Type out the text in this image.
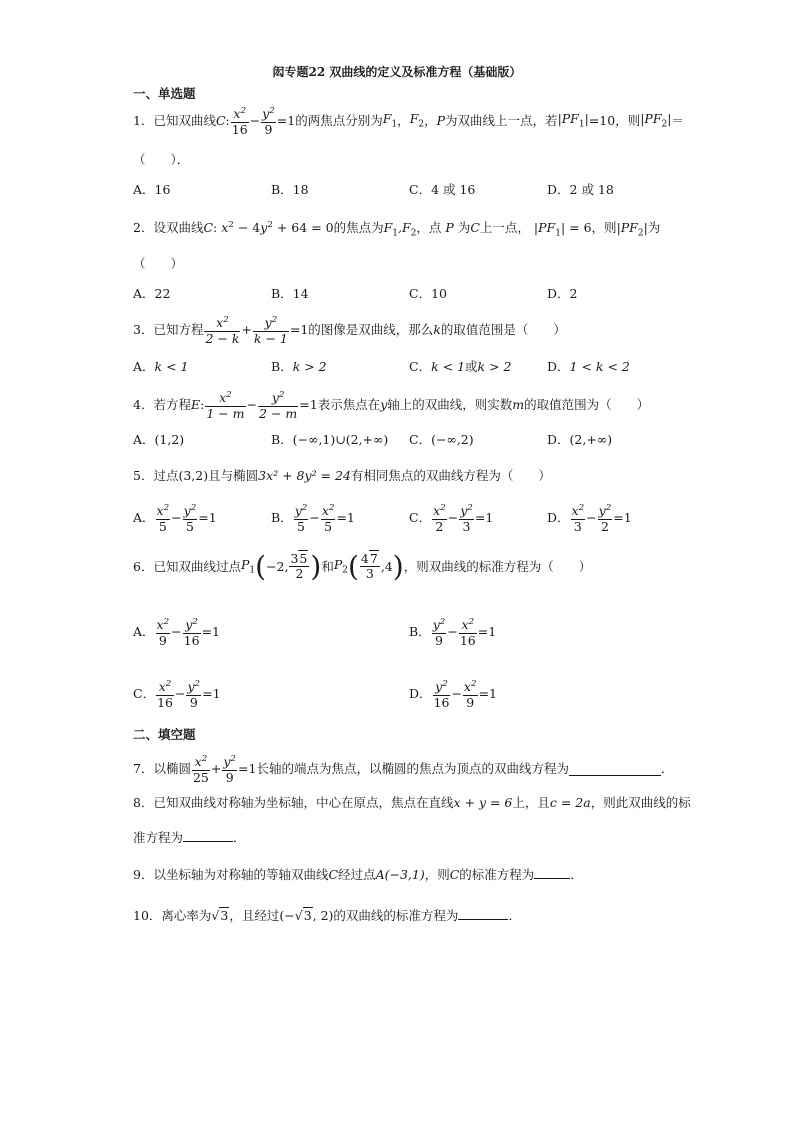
闳专题22 双曲线的定义及标准方程（基础版）
一、单选题
1． 已知双曲线 C : $\frac{x^2}{16} - \frac{y^2}{9} =1$ 的两焦点分别为 $F_1$ ， $F_2$ ， P 为双曲线上一点，若 $|PF_1| =10$ ，则 $|PF_2|$ ＝
（　　）．
A．16	B．18	C．4 或 16	D．2 或 18
2．设双曲线C: $x^2 - 4y^2 + 64 = 0$的焦点为$F_1,F_2$，点 P 为C上一点， $|PF_1| = 6$，则$|PF_2|$为
（　　）
A．22	B．14	C．10	D．2
3． 已知方程 $\frac{x^2}{2 - k} + \frac{y^2}{k - 1} =1$ 的图像是双曲线，那么 k 的取值范围是（　　）
A．k < 1	B．k > 2	C．k < 1或k > 2	D．1 < k < 2
4． 若方程 E : $\frac{x^2}{1 - m} - \frac{y^2}{2 - m} =1$ 表示焦点在 y 轴上的双曲线，则实数 m 的取值范围为（　　）
A．(1,2)	B．(−∞,1)∪(2,+∞) C．(−∞,2)	D．(2,+∞)
5．过点(3,2)且与椭圆3x² + 8y² = 24有相同焦点的双曲线方程为（　　）
A． $\frac{x^2}{5} - \frac{y^2}{5} =1$	B． $\frac{y^2}{5} - \frac{x^2}{5} =1$	C． $\frac{x^2}{2} - \frac{y^2}{3} =1$	D． $\frac{x^2}{3} - \frac{y^2}{2} =1$
6． 已知双曲线过点 $P_1$ ( −2, $\frac{35}{2}$ ) 和 $P_2$ ( $\frac{47}{3} ,4$ ) ，则双曲线的标准方程为（　　）
A． $\frac{x^2}{9} - \frac{y^2}{16} =1$	B． $\frac{y^2}{9} - \frac{x^2}{16} =1$
C． $\frac{x^2}{16} - \frac{y^2}{9} =1$	D． $\frac{y^2}{16} - \frac{x^2}{9} =1$
二、填空题
7． 以椭圆 $\frac{x^2}{25} + \frac{y^2}{9} =1$ 长轴的端点为焦点，以椭圆的焦点为顶点的双曲线方程为	．
8．已知双曲线对称轴为坐标轴，中心在原点，焦点在直线x + y = 6上，且c = 2a，则此双曲线的标
准方程为	．
9．以坐标轴为对称轴的等轴双曲线C经过点A(−3,1)，则C的标准方程为	．
10．离心率为√3，且经过(−√3, 2)的双曲线的标准方程为	．
